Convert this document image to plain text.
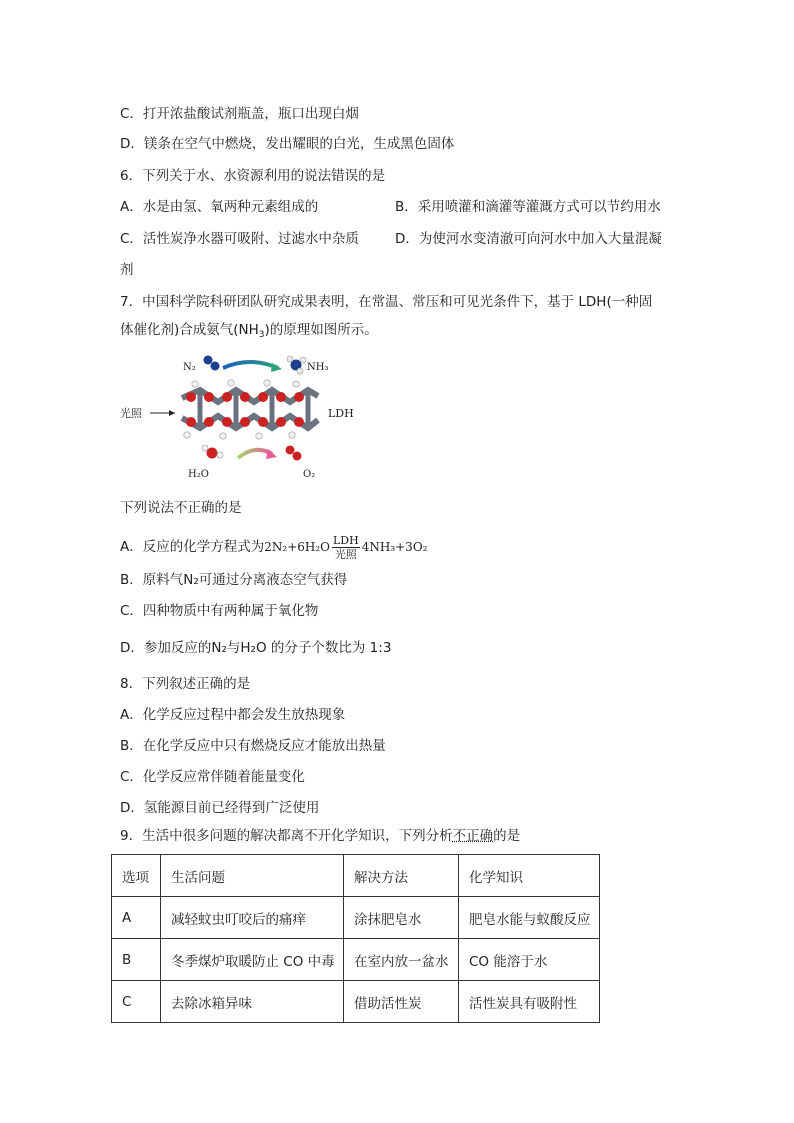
C．打开浓盐酸试剂瓶盖，瓶口出现白烟
D．镁条在空气中燃烧，发出耀眼的白光，生成黑色固体
6．下列关于水、水资源利用的说法错误的是
A．水是由氢、氧两种元素组成的	B．采用喷灌和滴灌等灌溉方式可以节约用水
C．活性炭净水器可吸附、过滤水中杂质	D．为使河水变清澈可向河水中加入大量混凝
剂
7．中国科学院科研团队研究成果表明，在常温、常压和可见光条件下，基于 LDH(一种固
体催化剂)合成氨气$(NH_3)$的原理如图所示。
N₂	NH₃
光照	LDH
H₂O	O₂
下列说法不正确的是
A．反应的化学方程式为$2N_2+6H_2O \frac{\text{LDH}}{\text{光照}} 4NH_3+3O_2$
B．原料气N₂可通过分离液态空气获得
C．四种物质中有两种属于氧化物
D．参加反应的N₂与H₂O 的分子个数比为 1:3
8．下列叙述正确的是
A．化学反应过程中都会发生放热现象
B．在化学反应中只有燃烧反应才能放出热量
C．化学反应常伴随着能量变化
D．氢能源目前已经得到广泛使用
9．生活中很多问题的解决都离不开化学知识，下列分析不正确的是
选项	生活问题	解决方法	化学知识
A	减轻蚊虫叮咬后的痛痒	涂抹肥皂水	肥皂水能与蚁酸反应
B	冬季煤炉取暖防止 CO 中毒	在室内放一盆水	CO 能溶于水
C	去除冰箱异味	借助活性炭	活性炭具有吸附性
